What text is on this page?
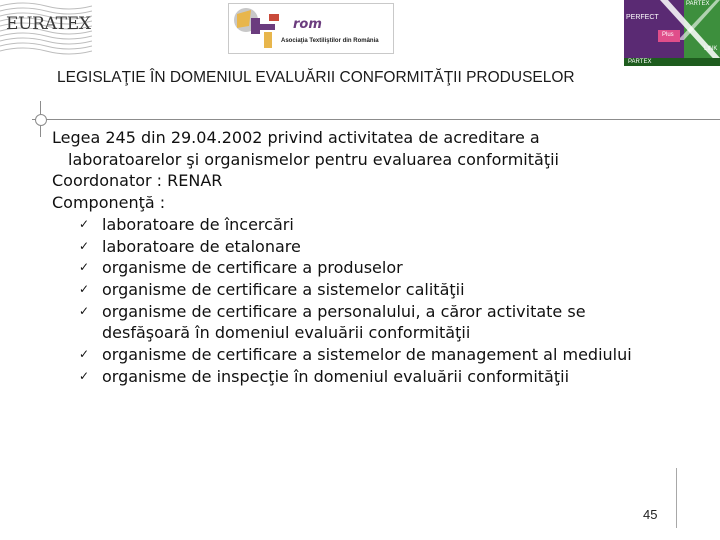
EURATEX	rom
Asociaţia Textiliştilor din România
PARTEX
PERFECT
Plus
LINK
PARTEX
LEGISLAŢIE ÎN DOMENIUL EVALUĂRII CONFORMITĂŢII PRODUSELOR

Legea 245 din 29.04.2002 privind activitatea de acreditare a

laboratoarelor şi organismelor pentru evaluarea conformităţii

Coordonator : RENAR

Componenţă :

✓ laboratoare de încercări
✓ laboratoare de etalonare
✓ organisme de certificare a produselor
✓ organisme de certificare a sistemelor calităţii
✓ organisme de certificare a personalului, a căror activitate se desfăşoară în domeniul evaluării conformităţii
✓ organisme de certificare a sistemelor de management al mediului
✓ organisme de inspecţie în domeniul evaluării conformităţii
45
